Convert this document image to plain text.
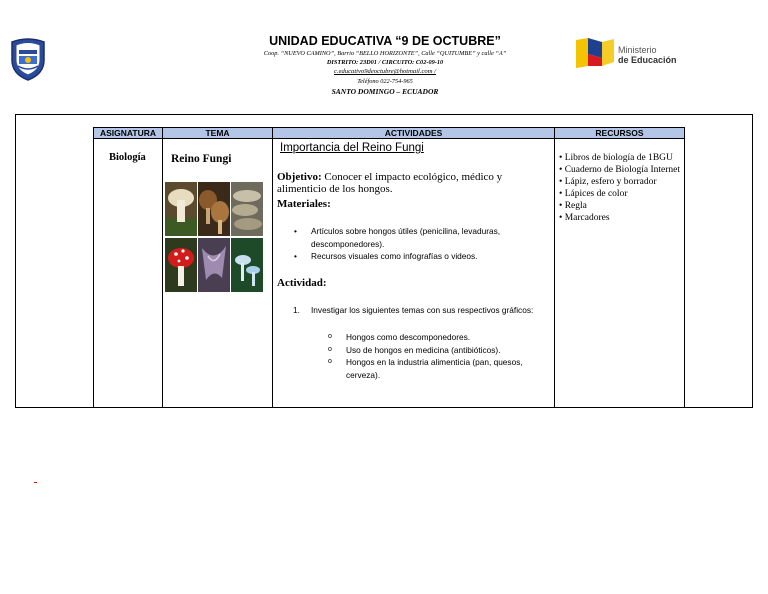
UNIDAD EDUCATIVA “9 DE OCTUBRE”
Coop. “NUEVO CAMINO”, Barrio “BELLO HORIZONTE”, Calle “QUITUMBE” y calle “A”
DISTRITO: 23D01 / CIRCUITO: C02-09-10
c.educativo9deoctubre@hotmail.com /
Teléfono 022-754-965
SANTO DOMINGO – ECUADOR
Ministerio
de Educación
ASIGNATURA
Biología
TEMA
Reino Fungi
ACTIVIDADES
Importancia del Reino Fungi
Objetivo: Conocer el impacto ecológico, médico y alimenticio de los hongos.
Materiales:
• Artículos sobre hongos útiles (penicilina, levaduras, descomponedores).
• Recursos visuales como infografías o videos.
Actividad:
1.	Investigar los siguientes temas con sus respectivos gráficos:
o Hongos como descomponedores.
o Uso de hongos en medicina (antibióticos).
o Hongos en la industria alimenticia (pan, quesos, cerveza).
RECURSOS
• Libros de biología de 1BGU
• Cuaderno de Biología Internet
• Lápiz, esfero y borrador
• Lápices de color
• Regla
• Marcadores
